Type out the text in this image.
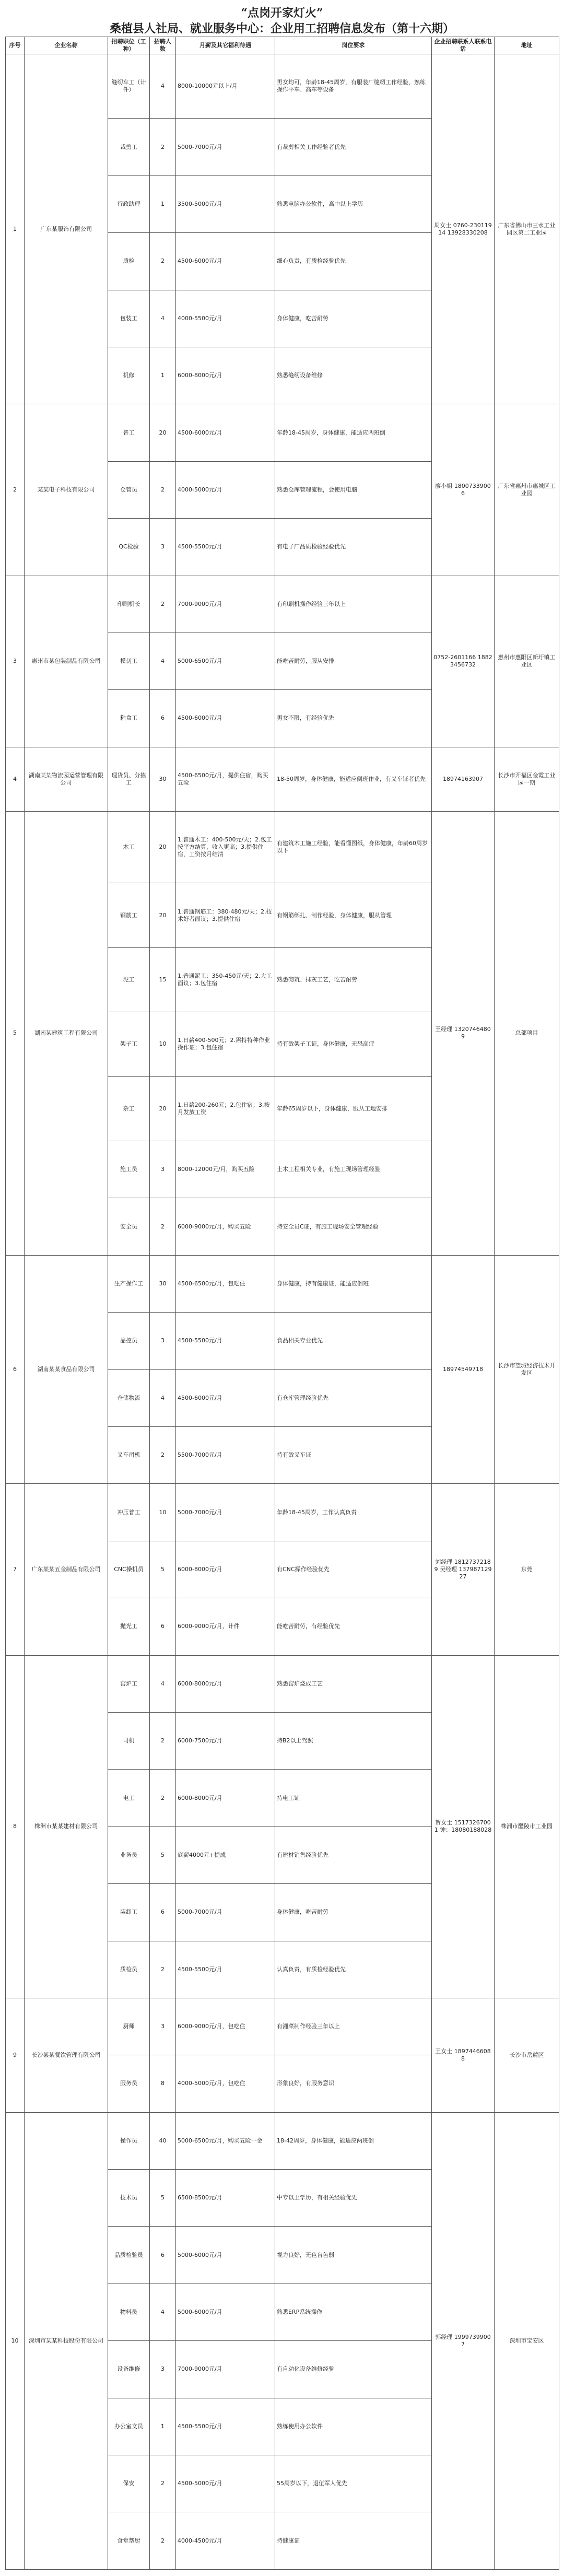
“点岗开家灯火”
桑植县人社局、就业服务中心：企业用工招聘信息发布（第十六期）
序号	企业名称	招聘职位（工种）	招聘人数	月薪及其它福利待遇	岗位要求	企业招聘联系人联系电话	地址
1	广东某服饰有限公司	缝纫车工（计件）	4	8000-10000元以上/月	男女均可，年龄18-45周岁，有服装厂缝纫工作经验，熟练操作平车、高车等设备	周女士 0760-23011914 13928330208	广东省佛山市三水工业园区第二工业园
		裁剪工	2	5000-7000元/月	有裁剪相关工作经验者优先		
		行政助理	1	3500-5000元/月	熟悉电脑办公软件，高中以上学历		
		质检	2	4500-6000元/月	细心负责，有质检经验优先		
		包装工	4	4000-5500元/月	身体健康，吃苦耐劳		
		机修	1	6000-8000元/月	熟悉缝纫设备维修		
2	某某电子科技有限公司	普工	20	4500-6000元/月	年龄18-45周岁，身体健康，能适应两班倒	廖小姐 18007339006	广东省惠州市惠城区工业园
		仓管员	2	4000-5000元/月	熟悉仓库管理流程，会使用电脑		
		QC检验	3	4500-5500元/月	有电子厂品质检验经验优先		
3	惠州市某包装制品有限公司	印刷机长	2	7000-9000元/月	有印刷机操作经验三年以上	0752-2601166 18823456732	惠州市惠阳区新圩镇工业区
		模切工	4	5000-6500元/月	能吃苦耐劳，服从安排		
		粘盒工	6	4500-6000元/月	男女不限，有经验优先		
4	湖南某某物流园运营管理有限公司	理货员、分拣工	30	4500-6500元/月，提供住宿，购买五险	18-50周岁，身体健康，能适应倒班作业，有叉车证者优先	18974163907	长沙市开福区金霞工业园一期
5	湖南某建筑工程有限公司	木工	20	1.普通木工：400-500元/天；2.包工按平方结算，收入更高；3.提供住宿，工资按月结清	有建筑木工施工经验，能看懂图纸，身体健康，年龄60周岁以下	王经理 13207464809	总部项目
		钢筋工	20	1.普通钢筋工：380-480元/天；2.技术好者面议；3.提供住宿	有钢筋绑扎、制作经验，身体健康，服从管理		
		泥工	15	1.普通泥工：350-450元/天；2.大工面议；3.包住宿	熟悉砌筑、抹灰工艺，吃苦耐劳		
		架子工	10	1.日薪400-500元；2.需持特种作业操作证；3.包住宿	持有效架子工证，身体健康，无恐高症		
		杂工	20	1.日薪200-260元；2.包住宿；3.按月发放工资	年龄65周岁以下，身体健康，服从工地安排		
		施工员	3	8000-12000元/月，购买五险	土木工程相关专业，有施工现场管理经验		
		安全员	2	6000-9000元/月，购买五险	持安全员C证，有施工现场安全管理经验		
6	湖南某某食品有限公司	生产操作工	30	4500-6500元/月，包吃住	身体健康，持有健康证，能适应倒班	18974549718	长沙市望城经济技术开发区
		品控员	3	4500-5500元/月	食品相关专业优先		
		仓储物流	4	4500-6000元/月	有仓库管理经验优先		
		叉车司机	2	5500-7000元/月	持有效叉车证		
7	广东某某五金制品有限公司	冲压普工	10	5000-7000元/月	年龄18-45周岁，工作认真负责	刘经理 18127372189 吴经理 13798712927	东莞
		CNC操机员	5	6000-8000元/月	有CNC操作经验优先		
		抛光工	6	6000-9000元/月，计件	能吃苦耐劳，有经验优先		
8	株洲市某某建材有限公司	窑炉工	4	6000-8000元/月	熟悉窑炉烧成工艺	贺女士 15173267001 钟：18080188028	株洲市醴陵市工业园
		司机	2	6000-7500元/月	持B2以上驾照		
		电工	2	6000-8000元/月	持电工证		
		业务员	5	底薪4000元+提成	有建材销售经验优先		
		装卸工	6	5000-7000元/月	身体健康，吃苦耐劳		
		质检员	2	4500-5500元/月	认真负责，有质检经验优先		
9	长沙某某餐饮管理有限公司	厨师	3	6000-9000元/月，包吃住	有湘菜制作经验三年以上	王女士 18974466088	长沙市岳麓区
		服务员	8	4000-5000元/月，包吃住	形象良好，有服务意识		
10	深圳市某某科技股份有限公司	操作员	40	5000-6500元/月，购买五险一金	18-42周岁，身体健康，能适应两班倒	郭经理 19997399007	深圳市宝安区
		技术员	5	6500-8500元/月	中专以上学历，有相关经验优先		
		品质检验员	6	5000-6000元/月	视力良好，无色盲色弱		
		物料员	4	5000-6000元/月	熟悉ERP系统操作		
		设备维修	3	7000-9000元/月	有自动化设备维修经验		
		办公室文员	1	4500-5500元/月	熟练使用办公软件		
		保安	2	4500-5000元/月	55周岁以下，退伍军人优先		
		食堂帮厨	2	4000-4500元/月	持健康证		
